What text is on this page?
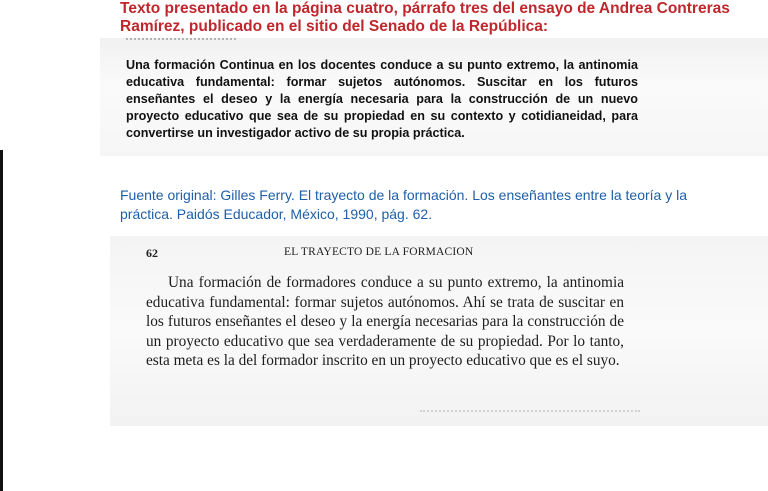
Texto presentado en la página cuatro, párrafo tres del ensayo de Andrea Contreras Ramírez, publicado en el sitio del Senado de la República:
Una formación Continua en los docentes conduce a su punto extremo, la antinomia educativa fundamental: formar sujetos autónomos. Suscitar en los futuros enseñantes el deseo y la energía necesaria para la construcción de un nuevo proyecto educativo que sea de su propiedad en su contexto y cotidianeidad, para convertirse un investigador activo de su propia práctica.
Fuente original: Gilles Ferry. El trayecto de la formación. Los enseñantes entre la teoría y la práctica. Paidós Educador, México, 1990, pág. 62.
62	EL TRAYECTO DE LA FORMACION
Una formación de formadores conduce a su punto extremo, la antinomia educativa fundamental: formar sujetos autónomos. Ahí se trata de suscitar en los futuros enseñantes el deseo y la energía necesarias para la construcción de un proyecto educativo que sea verdaderamente de su propiedad. Por lo tanto, esta meta es la del formador inscrito en un proyecto educativo que es el suyo.
